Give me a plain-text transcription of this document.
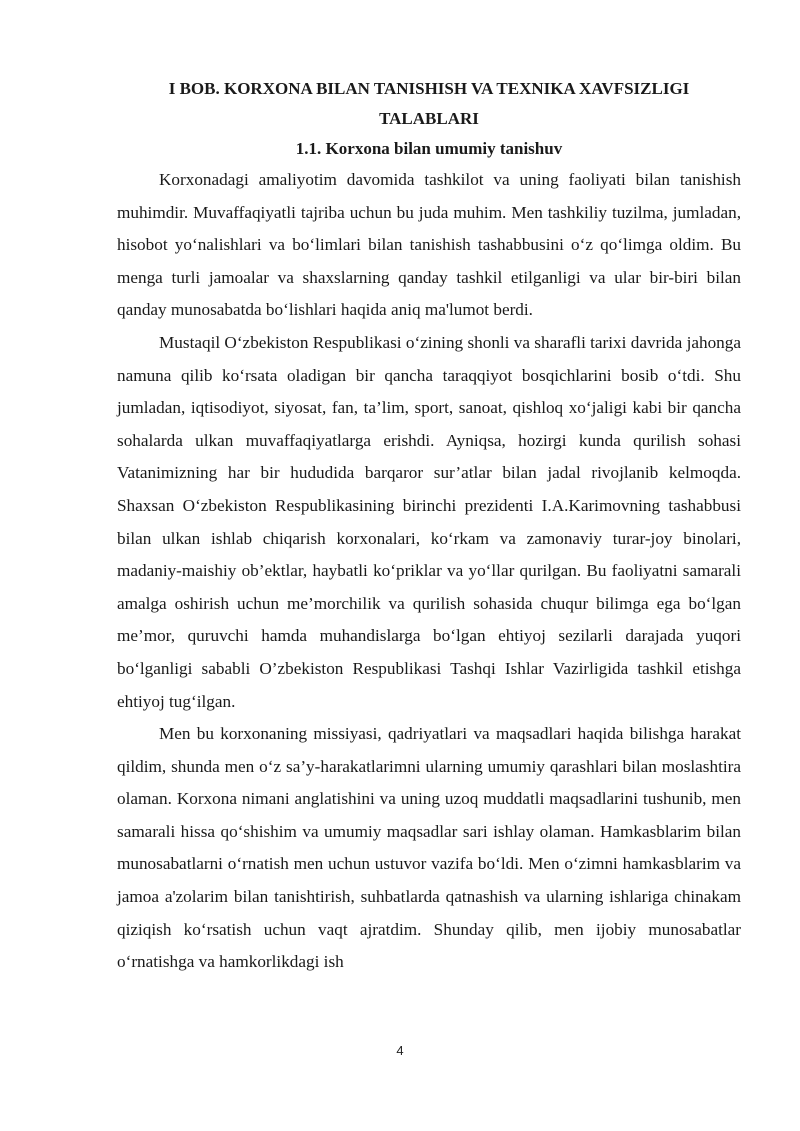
I BOB. KORXONA BILAN TANISHISH VA TEXNIKA XAVFSIZLIGI TALABLARI
1.1. Korxona bilan umumiy tanishuv

Korxonadagi amaliyotim davomida tashkilot va uning faoliyati bilan tanishish muhimdir. Muvaffaqiyatli tajriba uchun bu juda muhim. Men tashkiliy tuzilma, jumladan, hisobot yo‘nalishlari va bo‘limlari bilan tanishish tashabbusini o‘z qo‘limga oldim. Bu menga turli jamoalar va shaxslarning qanday tashkil etilganligi va ular bir-biri bilan qanday munosabatda bo‘lishlari haqida aniq ma'lumot berdi.

Mustaqil O‘zbekiston Respublikasi o‘zining shonli va sharafli tarixi davrida jahonga namuna qilib ko‘rsata oladigan bir qancha taraqqiyot bosqichlarini bosib o‘tdi. Shu jumladan, iqtisodiyot, siyosat, fan, ta’lim, sport, sanoat, qishloq xo‘jaligi kabi bir qancha sohalarda ulkan muvaffaqiyatlarga erishdi. Ayniqsa, hozirgi kunda qurilish sohasi Vatanimizning har bir hududida barqaror sur’atlar bilan jadal rivojlanib kelmoqda. Shaxsan O‘zbekiston Respublikasining birinchi prezidenti I.A.Karimovning tashabbusi bilan ulkan ishlab chiqarish korxonalari, ko‘rkam va zamonaviy turar-joy binolari, madaniy-maishiy ob’ektlar, haybatli ko‘priklar va yo‘llar qurilgan. Bu faoliyatni samarali amalga oshirish uchun me’morchilik va qurilish sohasida chuqur bilimga ega bo‘lgan me’mor, quruvchi hamda muhandislarga bo‘lgan ehtiyoj sezilarli darajada yuqori bo‘lganligi sababli O’zbekiston Respublikasi Tashqi Ishlar Vazirligida tashkil etishga ehtiyoj tug‘ilgan.

Men bu korxonaning missiyasi, qadriyatlari va maqsadlari haqida bilishga harakat qildim, shunda men o‘z sa’y-harakatlarimni ularning umumiy qarashlari bilan moslashtira olaman. Korxona nimani anglatishini va uning uzoq muddatli maqsadlarini tushunib, men samarali hissa qo‘shishim va umumiy maqsadlar sari ishlay olaman. Hamkasblarim bilan munosabatlarni o‘rnatish men uchun ustuvor vazifa bo‘ldi. Men o‘zimni hamkasblarim va jamoa a'zolarim bilan tanishtirish, suhbatlarda qatnashish va ularning ishlariga chinakam qiziqish ko‘rsatish uchun vaqt ajratdim. Shunday qilib, men ijobiy munosabatlar o‘rnatishga va hamkorlikdagi ish

4
